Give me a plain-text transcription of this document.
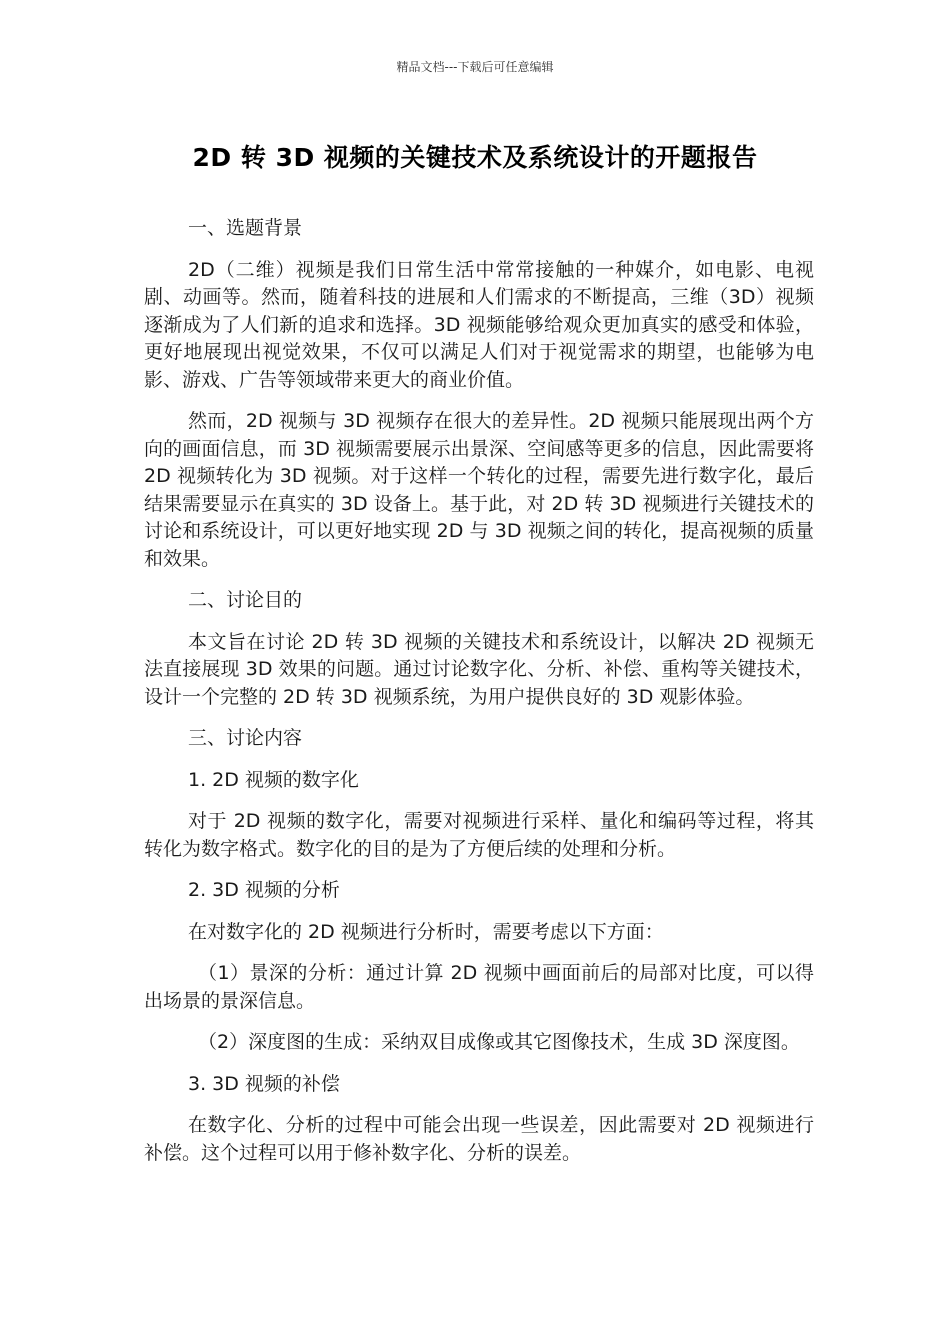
精品文档---下载后可任意编辑
2D 转 3D 视频的关键技术及系统设计的开题报告

一、选题背景

2D（二维）视频是我们日常生活中常常接触的一种媒介，如电影、电视剧、动画等。然而，随着科技的进展和人们需求的不断提高，三维（3D）视频逐渐成为了人们新的追求和选择。3D 视频能够给观众更加真实的感受和体验，更好地展现出视觉效果，不仅可以满足人们对于视觉需求的期望，也能够为电影、游戏、广告等领域带来更大的商业价值。

然而，2D 视频与 3D 视频存在很大的差异性。2D 视频只能展现出两个方向的画面信息，而 3D 视频需要展示出景深、空间感等更多的信息，因此需要将 2D 视频转化为 3D 视频。对于这样一个转化的过程，需要先进行数字化，最后结果需要显示在真实的 3D 设备上。基于此，对 2D 转 3D 视频进行关键技术的讨论和系统设计，可以更好地实现 2D 与 3D 视频之间的转化，提高视频的质量和效果。

二、讨论目的

本文旨在讨论 2D 转 3D 视频的关键技术和系统设计，以解决 2D 视频无法直接展现 3D 效果的问题。通过讨论数字化、分析、补偿、重构等关键技术，设计一个完整的 2D 转 3D 视频系统，为用户提供良好的 3D 观影体验。

三、讨论内容

1. 2D 视频的数字化

对于 2D 视频的数字化，需要对视频进行采样、量化和编码等过程，将其转化为数字格式。数字化的目的是为了方便后续的处理和分析。

2. 3D 视频的分析

在对数字化的 2D 视频进行分析时，需要考虑以下方面：

（1）景深的分析：通过计算 2D 视频中画面前后的局部对比度，可以得出场景的景深信息。

（2）深度图的生成：采纳双目成像或其它图像技术，生成 3D 深度图。

3. 3D 视频的补偿

在数字化、分析的过程中可能会出现一些误差，因此需要对 2D 视频进行补偿。这个过程可以用于修补数字化、分析的误差。
